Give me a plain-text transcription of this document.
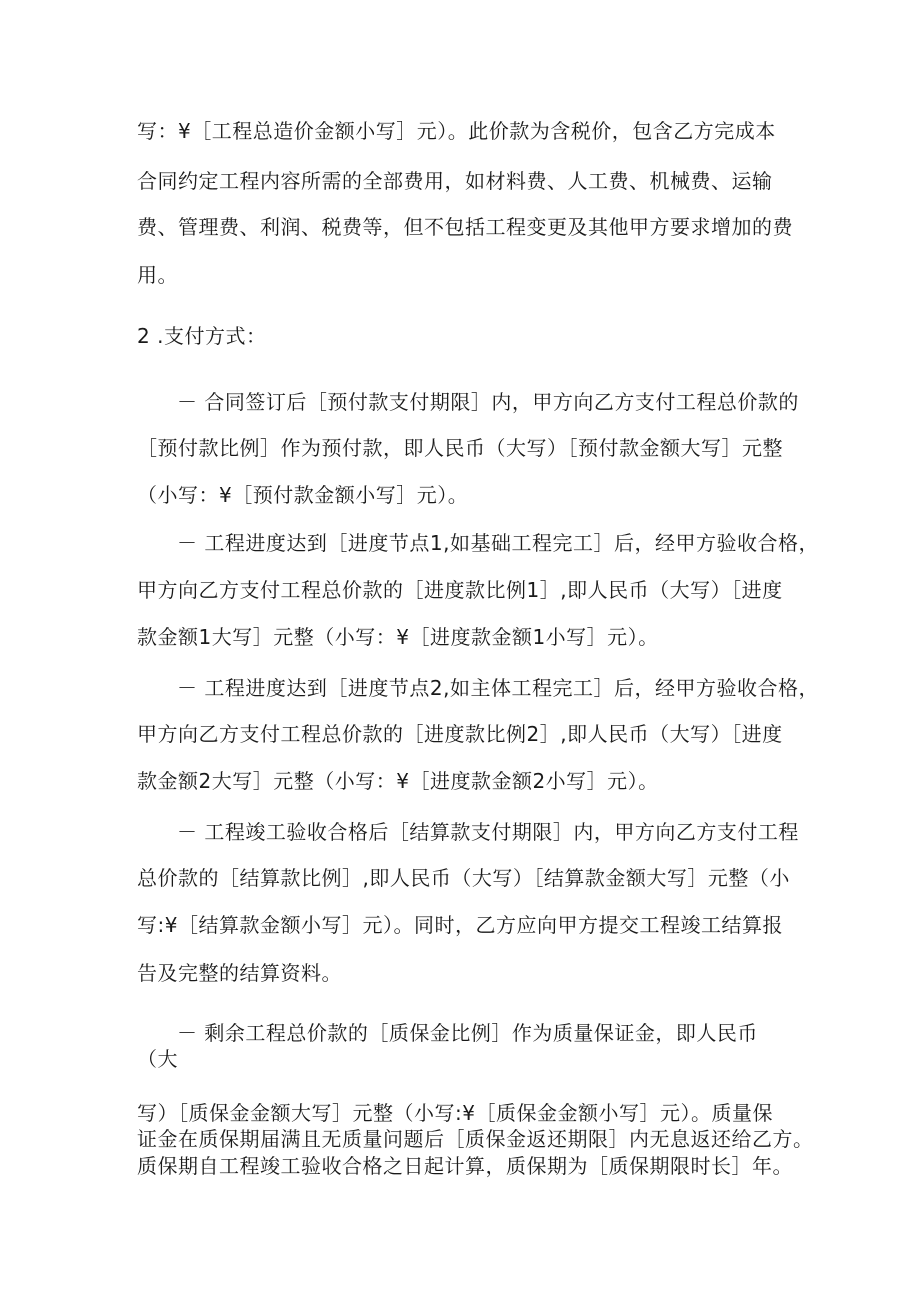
写：¥［工程总造价金额小写］元）。此价款为含税价，包含乙方完成本
合同约定工程内容所需的全部费用，如材料费、人工费、机械费、运输
费、管理费、利润、税费等，但不包括工程变更及其他甲方要求增加的费
用。
2 .支付方式：
－ 合同签订后［预付款支付期限］内，甲方向乙方支付工程总价款的
［预付款比例］作为预付款，即人民币（大写）［预付款金额大写］元整
（小写：¥［预付款金额小写］元）。
－ 工程进度达到［进度节点1,如基础工程完工］后，经甲方验收合格，
甲方向乙方支付工程总价款的［进度款比例1］,即人民币（大写）［进度
款金额1大写］元整（小写：¥［进度款金额1小写］元）。
－ 工程进度达到［进度节点2,如主体工程完工］后，经甲方验收合格，
甲方向乙方支付工程总价款的［进度款比例2］,即人民币（大写）［进度
款金额2大写］元整（小写：¥［进度款金额2小写］元）。
－ 工程竣工验收合格后［结算款支付期限］内，甲方向乙方支付工程
总价款的［结算款比例］,即人民币（大写）［结算款金额大写］元整（小
写:¥［结算款金额小写］元）。同时，乙方应向甲方提交工程竣工结算报
告及完整的结算资料。
－ 剩余工程总价款的［质保金比例］作为质量保证金，即人民币
（大
写）［质保金金额大写］元整（小写:¥［质保金金额小写］元）。质量保
证金在质保期届满且无质量问题后［质保金返还期限］内无息返还给乙方。
质保期自工程竣工验收合格之日起计算，质保期为［质保期限时长］年。
